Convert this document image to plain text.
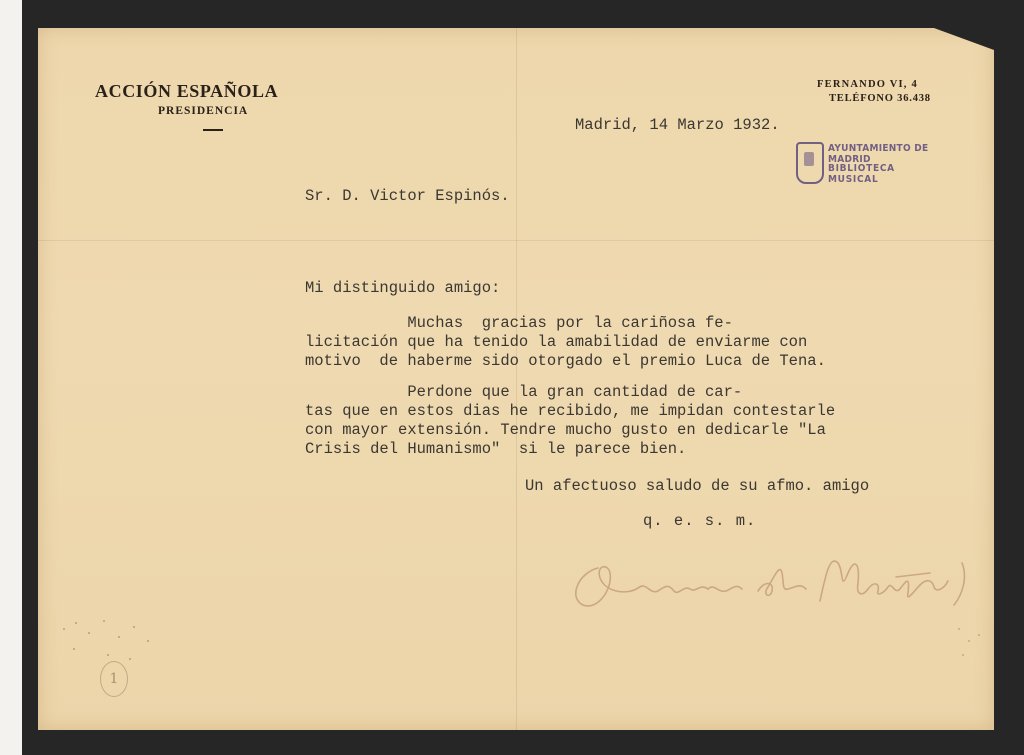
ACCIÓN ESPAÑOLA
PRESIDENCIA
FERNANDO VI, 4
TELÉFONO 36.438
AYUNTAMIENTO DE MADRID
BIBLIOTECA MUSICAL
Madrid, 14 Marzo 1932.
Sr. D. Victor Espinós.
Mi distinguido amigo:
Muchas  gracias por la cariñosa fe-
licitación que ha tenido la amabilidad de enviarme con
motivo  de haberme sido otorgado el premio Luca de Tena.
Perdone que la gran cantidad de car-
tas que en estos dias he recibido, me impidan contestarle
con mayor extensión. Tendre mucho gusto en dedicarle "La
Crisis del Humanismo"  si le parece bien.
Un afectuoso saludo de su afmo. amigo
q. e. s. m.
1
